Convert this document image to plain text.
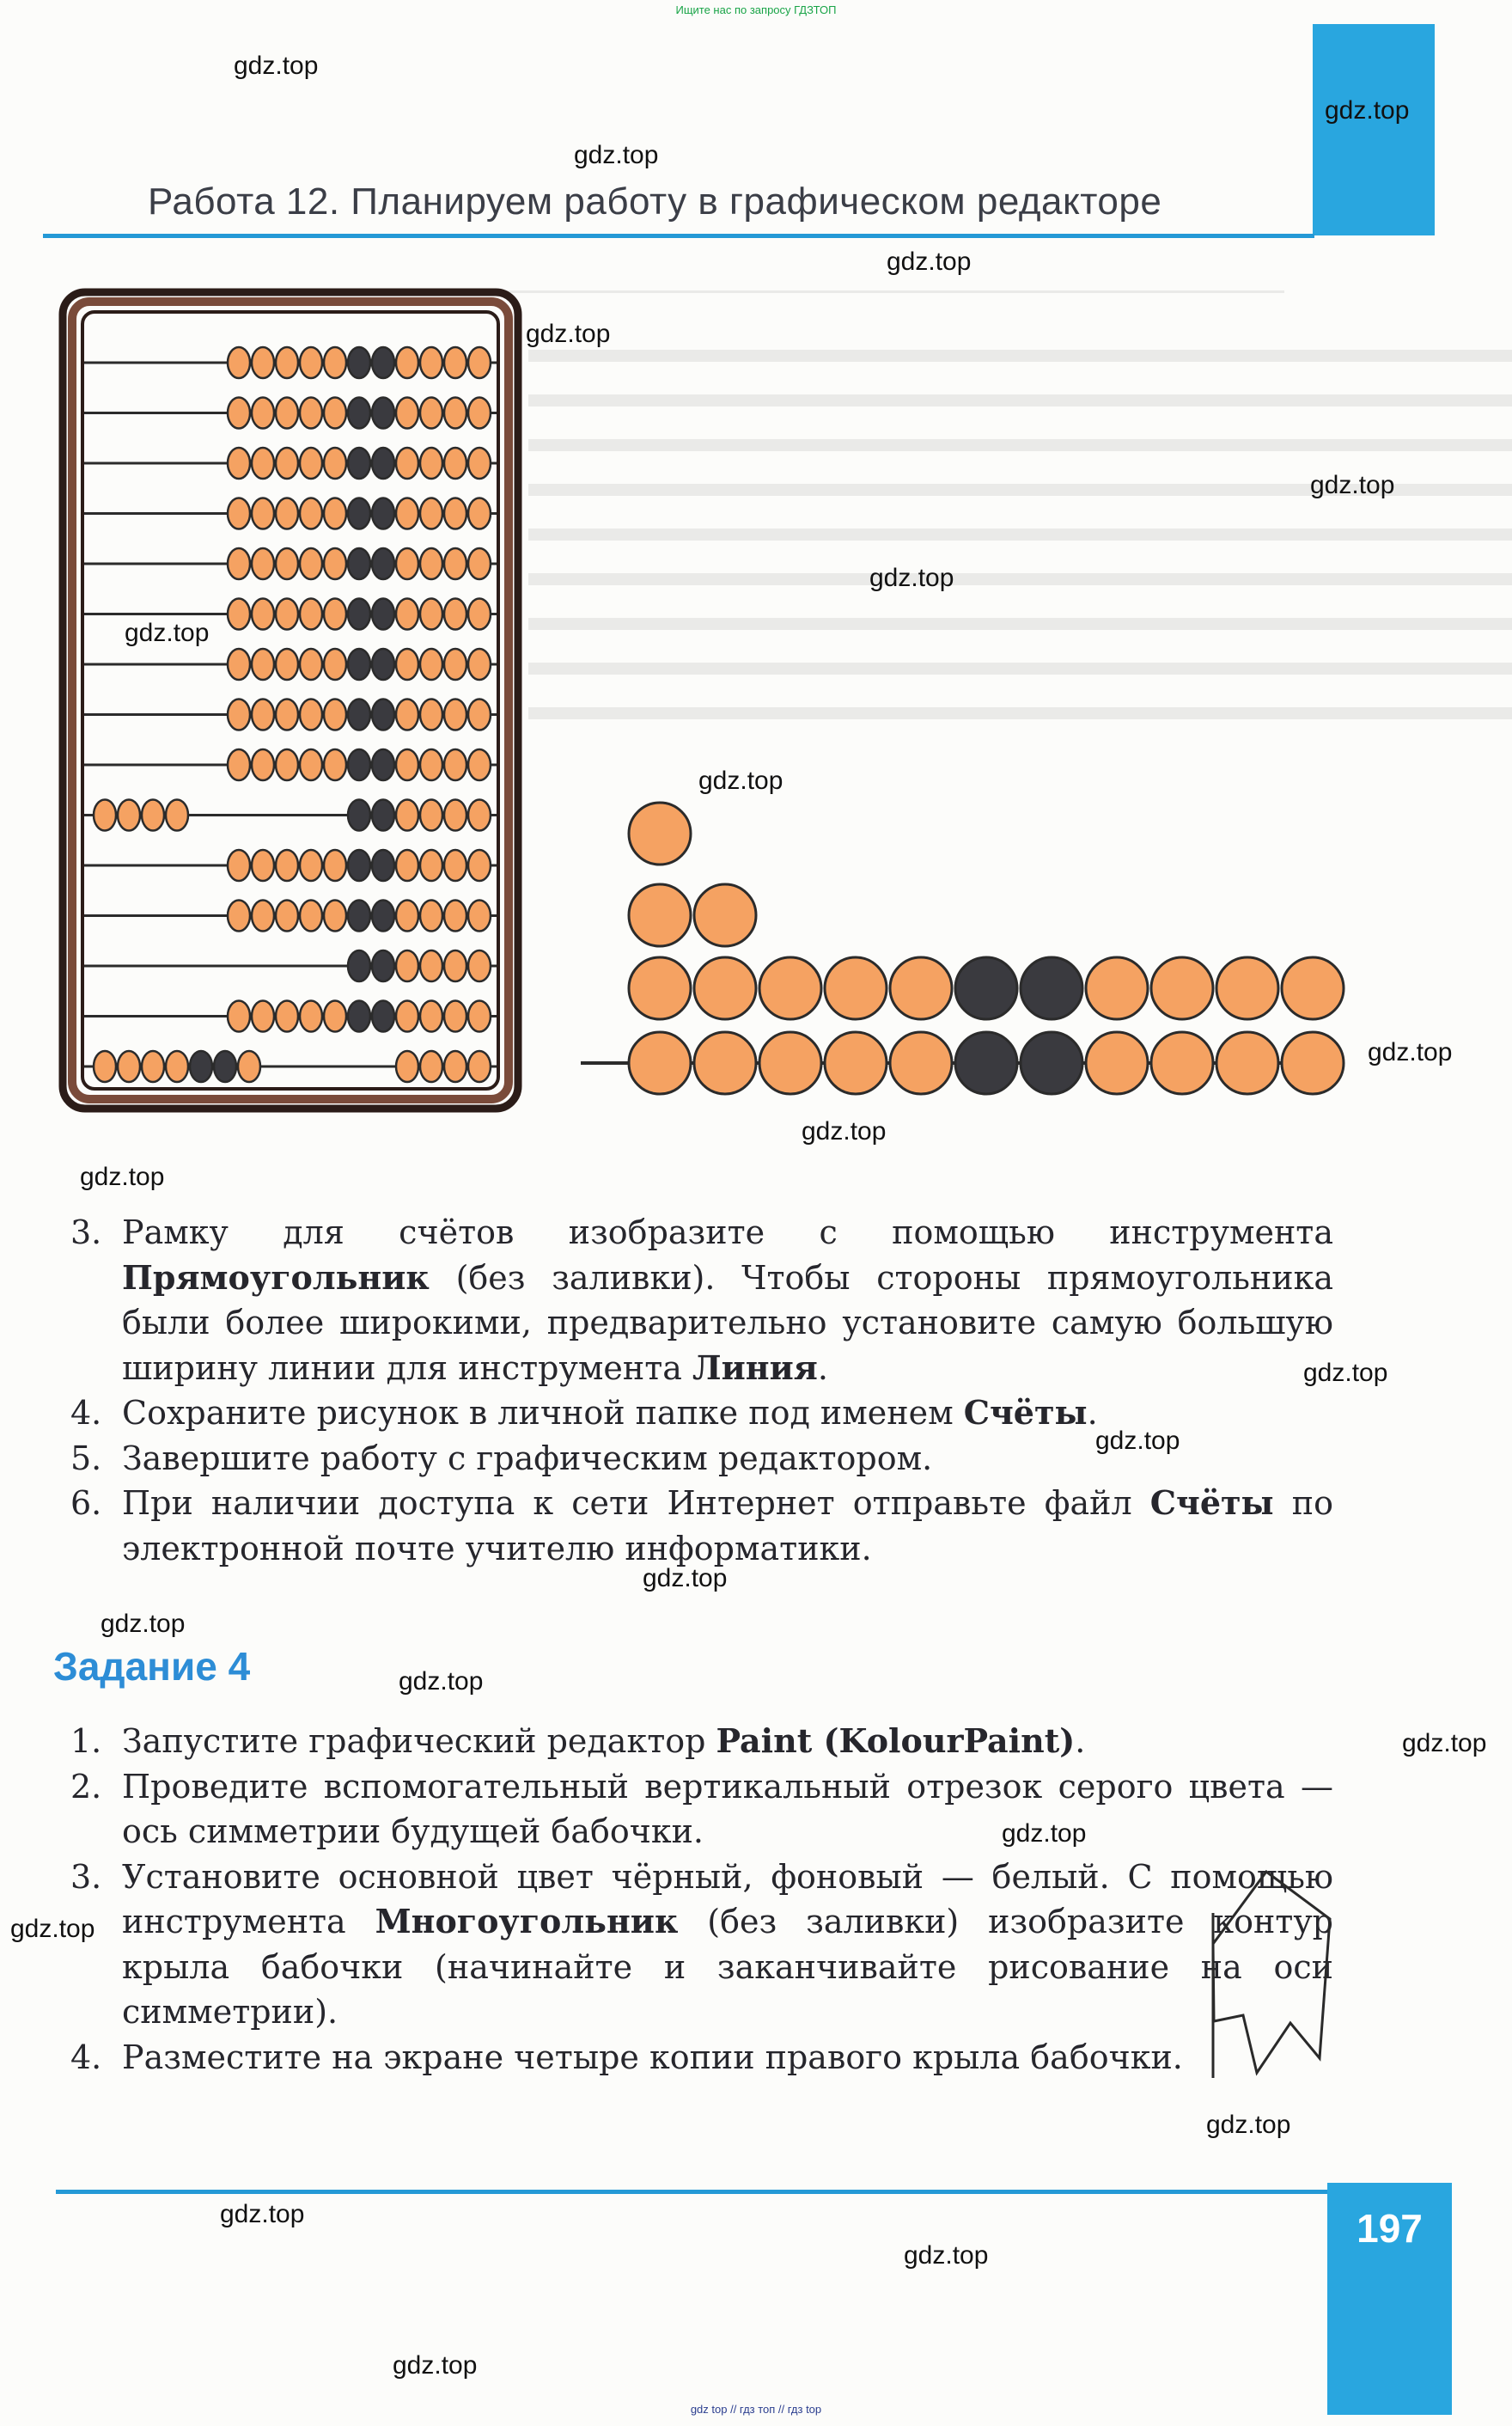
Ищите нас по запросу ГДЗТОП
Работа 12. Планируем работу в графическом редакторе
3. Рамку для счётов изобразите с помощью инструмента Прямоугольник (без заливки). Чтобы стороны прямоугольника были более широкими, предварительно установите самую большую ширину линии для инструмента Линия.
4. Сохраните рисунок в личной папке под именем Счёты.
5. Завершите работу с графическим редактором.
6. При наличии доступа к сети Интернет отправьте файл Счёты по электронной почте учителю информатики.
Задание 4
1. Запустите графический редактор Paint (KolourPaint).
2. Проведите вспомогательный вертикальный отрезок серого цвета — ось симметрии будущей бабочки.
3. Установите основной цвет чёрный, фоновый — белый. С помощью инструмента Многоугольник (без заливки) изобразите контур крыла бабочки (начинайте и заканчивайте рисование на оси симметрии).
4. Разместите на экране четыре копии правого крыла бабочки.
197
gdz top // гдз топ // гдз top
gdz.top
gdz.top
gdz.top
gdz.top
gdz.top
gdz.top
gdz.top
gdz.top
gdz.top
gdz.top
gdz.top
gdz.top
gdz.top
gdz.top
gdz.top
gdz.top
gdz.top
gdz.top
gdz.top
gdz.top
gdz.top
gdz.top
gdz.top
gdz.top
